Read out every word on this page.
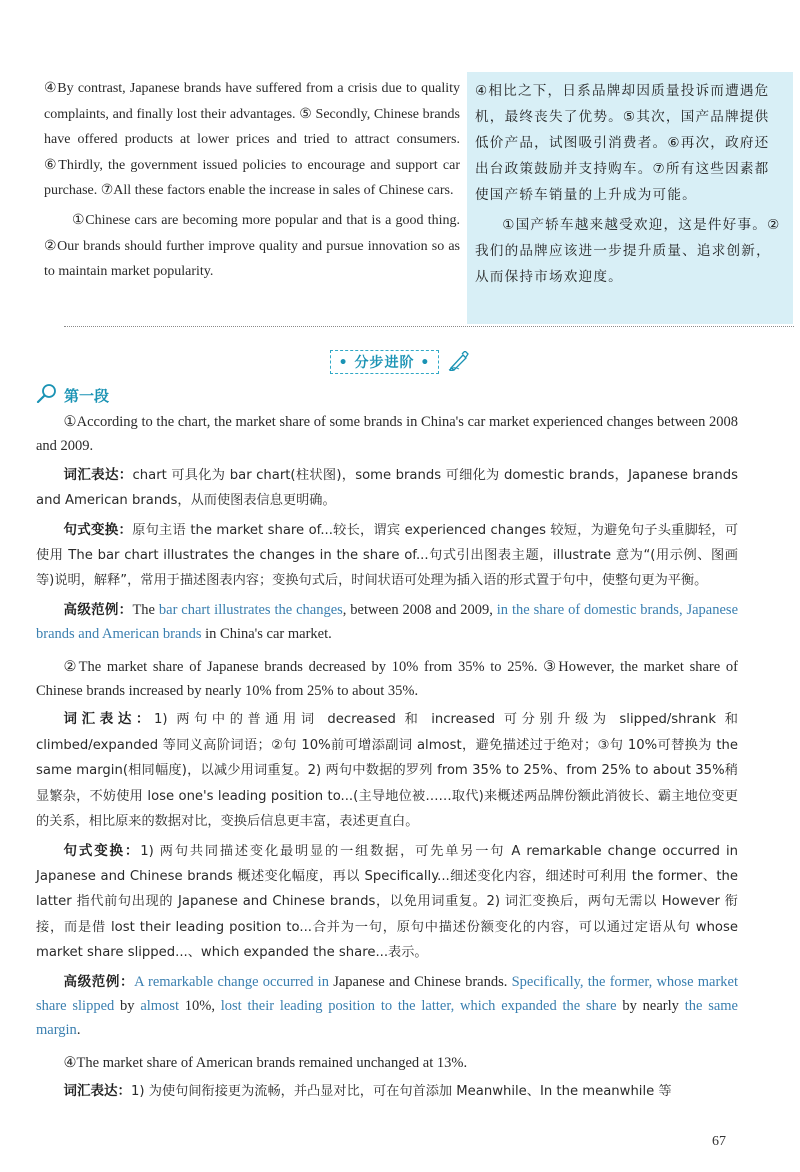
④By contrast, Japanese brands have suffered from a crisis due to quality complaints, and finally lost their advantages. ⑤ Secondly, Chinese brands have offered products at lower prices and tried to attract consumers. ⑥Thirdly, the government issued policies to encourage and support car purchase. ⑦All these factors enable the increase in sales of Chinese cars.

①Chinese cars are becoming more popular and that is a good thing. ②Our brands should further improve quality and pursue innovation so as to maintain market popularity.

④相比之下，日系品牌却因质量投诉而遭遇危机，最终丧失了优势。⑤其次，国产品牌提供低价产品，试图吸引消费者。⑥再次，政府还出台政策鼓励并支持购车。⑦所有这些因素都使国产轿车销量的上升成为可能。

①国产轿车越来越受欢迎，这是件好事。②我们的品牌应该进一步提升质量、追求创新，从而保持市场欢迎度。

• 分步进阶 •
第一段

①According to the chart, the market share of some brands in China's car market experienced changes between 2008 and 2009.

词汇表达：chart 可具化为 bar chart(柱状图)，some brands 可细化为 domestic brands，Japanese brands and American brands，从而使图表信息更明确。

句式变换：原句主语 the market share of...较长，谓宾 experienced changes 较短，为避免句子头重脚轻，可使用 The bar chart illustrates the changes in the share of...句式引出图表主题，illustrate 意为“(用示例、图画等)说明，解释”，常用于描述图表内容；变换句式后，时间状语可处理为插入语的形式置于句中，使整句更为平衡。

高级范例：The bar chart illustrates the changes, between 2008 and 2009, in the share of domestic brands, Japanese brands and American brands in China's car market.

②The market share of Japanese brands decreased by 10% from 35% to 25%. ③However, the market share of Chinese brands increased by nearly 10% from 25% to about 35%.

词汇表达：1) 两句中的普通用词 decreased 和 increased 可分别升级为 slipped/shrank 和 climbed/expanded 等同义高阶词语；②句 10%前可增添副词 almost，避免描述过于绝对；③句 10%可替换为 the same margin(相同幅度)，以减少用词重复。2) 两句中数据的罗列 from 35% to 25%、from 25% to about 35%稍显繁杂，不妨使用 lose one's leading position to...(主导地位被……取代)来概述两品牌份额此消彼长、霸主地位变更的关系，相比原来的数据对比，变换后信息更丰富，表述更直白。

句式变换：1) 两句共同描述变化最明显的一组数据，可先单另一句 A remarkable change occurred in Japanese and Chinese brands 概述变化幅度，再以 Specifically...细述变化内容，细述时可利用 the former、the latter 指代前句出现的 Japanese and Chinese brands，以免用词重复。2) 词汇变换后，两句无需以 However 衔接，而是借 lost their leading position to...合并为一句，原句中描述份额变化的内容，可以通过定语从句 whose market share slipped...、which expanded the share...表示。

高级范例：A remarkable change occurred in Japanese and Chinese brands. Specifically, the former, whose market share slipped by almost 10%, lost their leading position to the latter, which expanded the share by nearly the same margin.

④The market share of American brands remained unchanged at 13%.

词汇表达：1) 为使句间衔接更为流畅，并凸显对比，可在句首添加 Meanwhile、In the meanwhile 等

67
